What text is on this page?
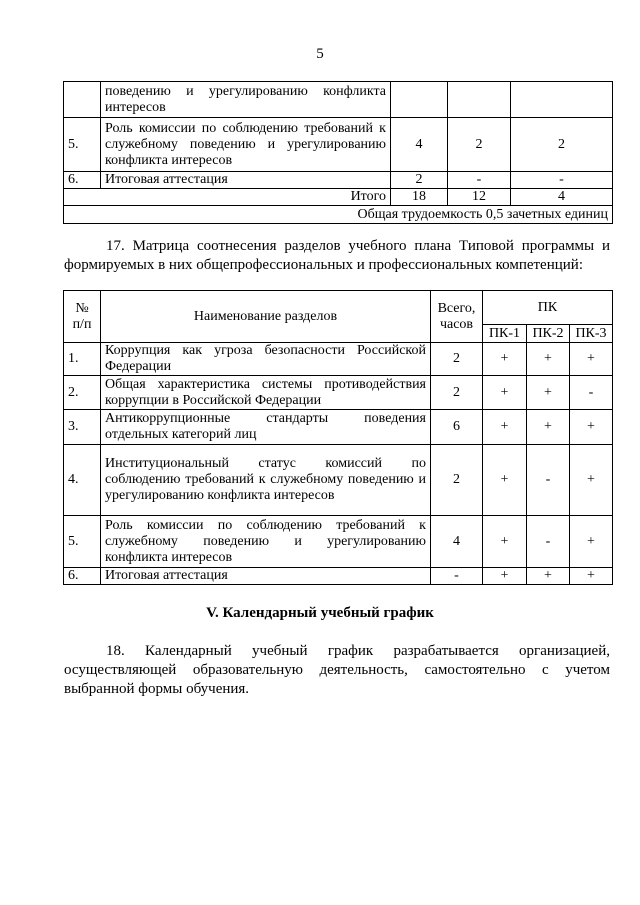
5
	поведению и урегулированию конфликта интересов			
5.	Роль комиссии по соблюдению требований к служебному поведению и урегулированию конфликта интересов	4	2	2
6.	Итоговая аттестация	2	-	-
Итого		18	12	4
Общая трудоемкость 0,5 зачетных единиц				
17. Матрица соотнесения разделов учебного плана Типовой программы и формируемых в них общепрофессиональных и профессиональных компетенций:
№ п/п	Наименование разделов	Всего, часов	ПК		
			ПК-1	ПК-2	ПК-3
1.	Коррупция как угроза безопасности Российской Федерации	2	+	+	+
2.	Общая характеристика системы противодействия коррупции в Российской Федерации	2	+	+	-
3.	Антикоррупционные стандарты поведения отдельных категорий лиц	6	+	+	+
4.	Институциональный статус комиссий по соблюдению требований к служебному поведению и урегулированию конфликта интересов	2	+	-	+
5.	Роль комиссии по соблюдению требований к служебному поведению и урегулированию конфликта интересов	4	+	-	+
6.	Итоговая аттестация	-	+	+	+
V. Календарный учебный график
18. Календарный учебный график разрабатывается организацией, осуществляющей образовательную деятельность, самостоятельно с учетом выбранной формы обучения.
